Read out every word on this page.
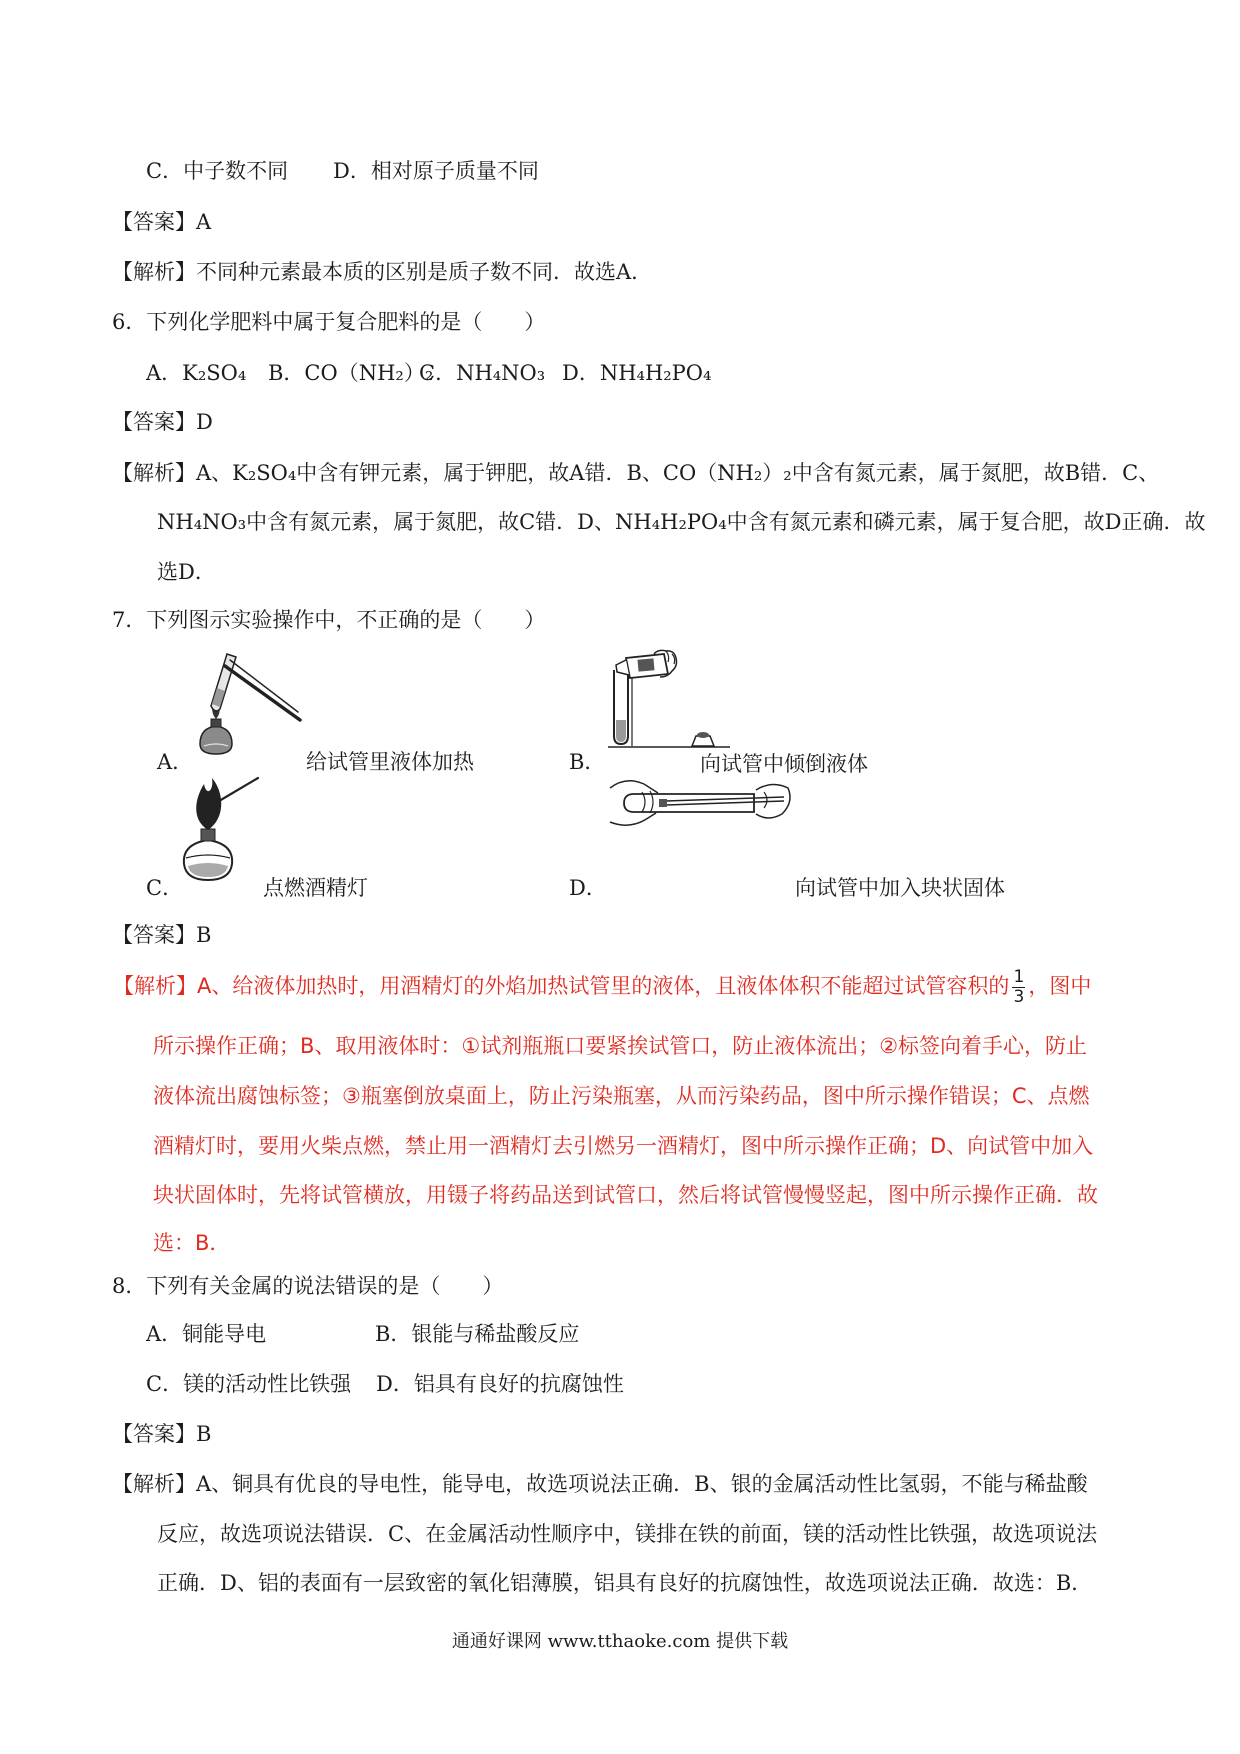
C．中子数不同 D．相对原子质量不同
【答案】A
【解析】不同种元素最本质的区别是质子数不同．故选A．
6．下列化学肥料中属于复合肥料的是（　　）
A．K₂SO₄ B．CO（NH₂）₂
C．NH₄NO₃ D．NH₄H₂PO₄
【答案】D
【解析】A、K₂SO₄中含有钾元素，属于钾肥，故A错．B、CO（NH₂）₂中含有氮元素，属于氮肥，故B错．C、
NH₄NO₃中含有氮元素，属于氮肥，故C错．D、NH₄H₂PO₄中含有氮元素和磷元素，属于复合肥，故D正确．故
选D．
7．下列图示实验操作中，不正确的是（　　）
A．	给试管里液体加热	B．	向试管中倾倒液体
C．	点燃酒精灯	D．	向试管中加入块状固体
【答案】B
【解析】A、给液体加热时，用酒精灯的外焰加热试管里的液体，且液体体积不能超过试管容积的 $\frac{1}{3}$ ，图中
所示操作正确；B、取用液体时：①试剂瓶瓶口要紧挨试管口，防止液体流出；②标签向着手心，防止
液体流出腐蚀标签；③瓶塞倒放桌面上，防止污染瓶塞，从而污染药品，图中所示操作错误；C、点燃
酒精灯时，要用火柴点燃，禁止用一酒精灯去引燃另一酒精灯，图中所示操作正确；D、向试管中加入
块状固体时，先将试管横放，用镊子将药品送到试管口，然后将试管慢慢竖起，图中所示操作正确．故
选：B．
8．下列有关金属的说法错误的是（　　）
A．铜能导电	B．银能与稀盐酸反应
C．镁的活动性比铁强 D．铝具有良好的抗腐蚀性
【答案】B
【解析】A、铜具有优良的导电性，能导电，故选项说法正确．B、银的金属活动性比氢弱，不能与稀盐酸
反应，故选项说法错误．C、在金属活动性顺序中，镁排在铁的前面，镁的活动性比铁强，故选项说法
正确．D、铝的表面有一层致密的氧化铝薄膜，铝具有良好的抗腐蚀性，故选项说法正确．故选：B．
通通好课网 www.tthaoke.com 提供下载
